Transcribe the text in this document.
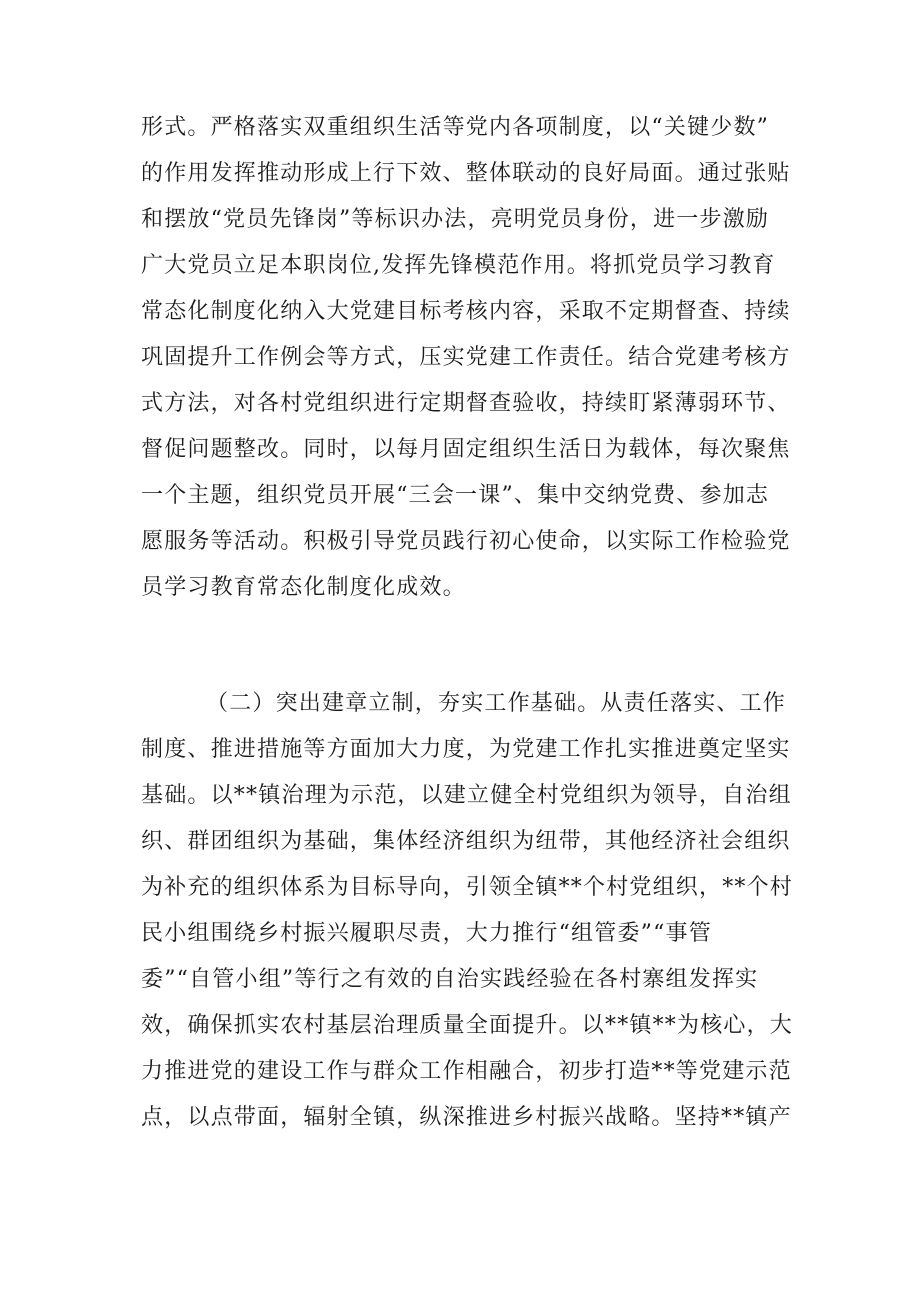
形式。严格落实双重组织生活等党内各项制度，以“关键少数”
的作用发挥推动形成上行下效、整体联动的良好局面。通过张贴
和摆放“党员先锋岗”等标识办法，亮明党员身份，进一步激励
广大党员立足本职岗位,发挥先锋模范作用。将抓党员学习教育
常态化制度化纳入大党建目标考核内容，采取不定期督查、持续
巩固提升工作例会等方式，压实党建工作责任。结合党建考核方
式方法，对各村党组织进行定期督查验收，持续盯紧薄弱环节、
督促问题整改。同时，以每月固定组织生活日为载体，每次聚焦
一个主题，组织党员开展“三会一课”、集中交纳党费、参加志
愿服务等活动。积极引导党员践行初心使命，以实际工作检验党
员学习教育常态化制度化成效。
（二）突出建章立制，夯实工作基础。从责任落实、工作
制度、推进措施等方面加大力度，为党建工作扎实推进奠定坚实
基础。以**镇治理为示范，以建立健全村党组织为领导，自治组
织、群团组织为基础，集体经济组织为纽带，其他经济社会组织
为补充的组织体系为目标导向，引领全镇**个村党组织，**个村
民小组围绕乡村振兴履职尽责，大力推行“组管委”“事管
委”“自管小组”等行之有效的自治实践经验在各村寨组发挥实
效，确保抓实农村基层治理质量全面提升。以**镇**为核心，大
力推进党的建设工作与群众工作相融合，初步打造**等党建示范
点，以点带面，辐射全镇，纵深推进乡村振兴战略。坚持**镇产
